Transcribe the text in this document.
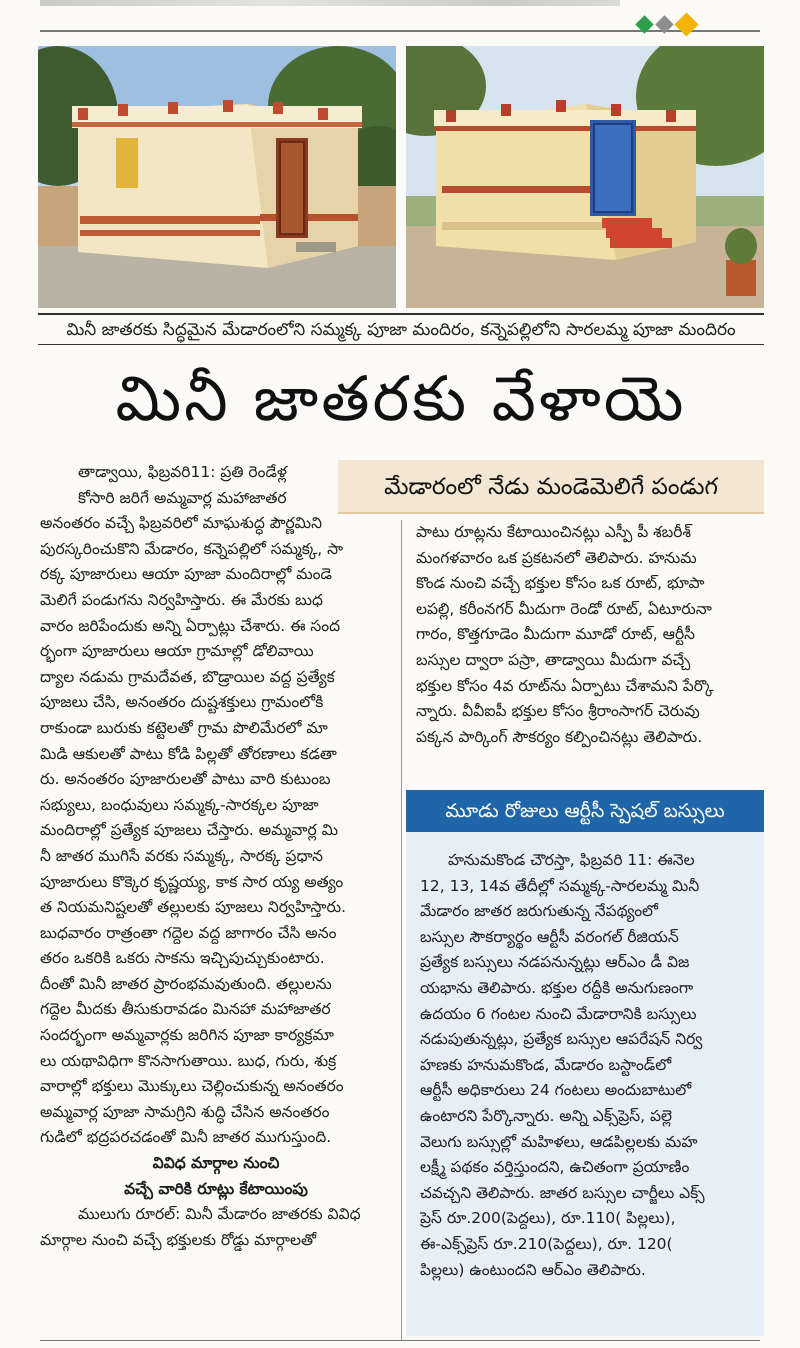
మినీ జాతరకు సిద్ధమైన మేడారంలోని సమ్మక్క పూజా మందిరం, కన్నెపల్లిలోని సారలమ్మ పూజా మందిరం
మినీ జాతరకు వేళాయె
మేడారంలో నేడు మండెమెలిగే పండుగ

తాడ్వాయి, ఫిబ్రవరి11: ప్రతి రెండేళ్ల

కోసారి జరిగే అమ్మవార్ల మహాజాతర

అనంతరం వచ్చే ఫిబ్రవరిలో మాఘశుద్ధ పౌర్ణమిని

పురస్కరించుకొని మేడారం, కన్నెపల్లిలో సమ్మక్క, సా

రక్క పూజారులు ఆయా పూజా మందిరాల్లో మండె

మెలిగే పండుగను నిర్వహిస్తారు. ఈ మేరకు బుధ

వారం జరిపేందుకు అన్ని ఏర్పాట్లు చేశారు. ఈ సంద

ర్భంగా పూజారులు ఆయా గ్రామాల్లో డోలివాయి

ద్యాల నడుమ గ్రామదేవత, బొడ్రాయిల వద్ద ప్రత్యేక

పూజలు చేసి, అనంతరం దుష్టశక్తులు గ్రామంలోకి

రాకుండా బురుకు కట్టెలతో గ్రామ పొలిమేరలో మా

మిడి ఆకులతో పాటు కోడి పిల్లతో తోరణాలు కడతా

రు. అనంతరం పూజారులతో పాటు వారి కుటుంబ

సభ్యులు, బంధువులు సమ్మక్క-సారక్కల పూజా

మందిరాల్లో ప్రత్యేక పూజలు చేస్తారు. అమ్మవార్ల మి

నీ జాతర ముగిసే వరకు సమ్మక్క, సారక్క ప్రధాన

పూజారులు కొక్కెర కృష్ణయ్య, కాక సార య్య అత్యం

త నియమనిష్టలతో తల్లులకు పూజలు నిర్వహిస్తారు.

బుధవారం రాత్రంతా గద్దెల వద్ద జాగారం చేసి అనం

తరం ఒకరికి ఒకరు సాకను ఇచ్చిపుచ్చుకుంటారు.

దీంతో మినీ జాతర ప్రారంభమవుతుంది. తల్లులను

గద్దెల మీదకు తీసుకురావడం మినహా మహాజాతర

సందర్భంగా అమ్మవార్లకు జరిగిన పూజా కార్యక్రమా

లు యథావిధిగా కొనసాగుతాయి. బుధ, గురు, శుక్ర

వారాల్లో భక్తులు మొక్కులు చెల్లించుకున్న అనంతరం

అమ్మవార్ల పూజా సామగ్రిని శుద్ధి చేసిన అనంతరం

గుడిలో భద్రపరచడంతో మినీ జాతర ముగుస్తుంది.

వివిధ మార్గాల నుంచి

వచ్చే వారికి రూట్లు కేటాయింపు

ములుగు రూరల్: మినీ మేడారం జాతరకు వివిధ

మార్గాల నుంచి వచ్చే భక్తులకు రోడ్డు మార్గాలతో

పాటు రూట్లను కేటాయించినట్లు ఎస్పీ పీ శబరీశ్

మంగళవారం ఒక ప్రకటనలో తెలిపారు. హనుమ

కొండ నుంచి వచ్చే భక్తుల కోసం ఒక రూట్, భూపా

లపల్లి, కరీంనగర్ మీదుగా రెండో రూట్, ఏటూరునా

గారం, కొత్తగూడెం మీదుగా మూడో రూట్, ఆర్టీసీ

బస్సుల ద్వారా పస్రా, తాడ్వాయి మీదుగా వచ్చే

భక్తుల కోసం 4వ రూట్‌ను ఏర్పాటు చేశామని పేర్కొ

న్నారు. వీవీఐపీ భక్తుల కోసం శ్రీరాంసాగర్ చెరువు

పక్కన పార్కింగ్ సౌకర్యం కల్పించినట్లు తెలిపారు.

మూడు రోజులు ఆర్టీసీ స్పెషల్ బస్సులు

హనుమకొండ చౌరస్తా, ఫిబ్రవరి 11: ఈనెల

12, 13, 14వ తేదీల్లో సమ్మక్క-సారలమ్మ మినీ

మేడారం జాతర జరుగుతున్న నేపథ్యంలో

బస్సుల సౌకర్యార్థం ఆర్టీసీ వరంగల్ రీజియన్

ప్రత్యేక బస్సులు నడపనున్నట్లు ఆర్ఎం డీ విజ

యభాను తెలిపారు. భక్తుల రద్దీకి అనుగుణంగా

ఉదయం 6 గంటల నుంచి మేడారానికి బస్సులు

నడుపుతున్నట్లు, ప్రత్యేక బస్సుల ఆపరేషన్ నిర్వ

హణకు హనుమకొండ, మేడారం బస్టాండ్‌లో

ఆర్టీసీ అధికారులు 24 గంటలు అందుబాటులో

ఉంటారని పేర్కొన్నారు. అన్ని ఎక్స్‌ప్రెస్, పల్లె

వెలుగు బస్సుల్లో మహిళలు, ఆడపిల్లలకు మహ

లక్ష్మీ పథకం వర్తిస్తుందని, ఉచితంగా ప్రయాణిం

చవచ్చని తెలిపారు. జాతర బస్సుల చార్జీలు ఎక్స్

ప్రెస్ రూ.200(పెద్దలు), రూ.110( పిల్లలు),

ఈ-ఎక్స్‌ప్రెస్ రూ.210(పెద్దలు), రూ. 120(

పిల్లలు) ఉంటుందని ఆర్ఎం తెలిపారు.
